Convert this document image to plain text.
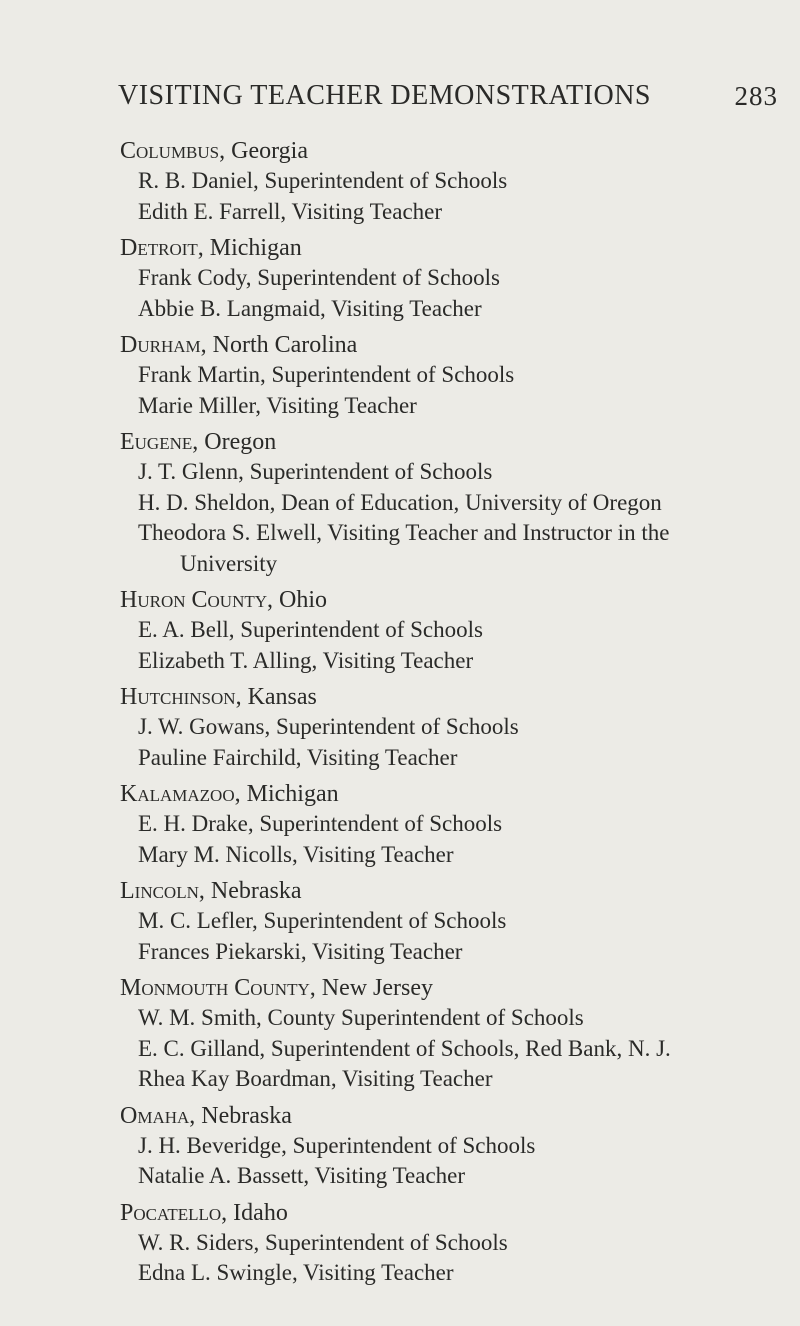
VISITING TEACHER DEMONSTRATIONS	283
Columbus, Georgia
R. B. Daniel, Superintendent of Schools
Edith E. Farrell, Visiting Teacher
Detroit, Michigan
Frank Cody, Superintendent of Schools
Abbie B. Langmaid, Visiting Teacher
Durham, North Carolina
Frank Martin, Superintendent of Schools
Marie Miller, Visiting Teacher
Eugene, Oregon
J. T. Glenn, Superintendent of Schools
H. D. Sheldon, Dean of Education, University of Oregon
Theodora S. Elwell, Visiting Teacher and Instructor in the
University
Huron County, Ohio
E. A. Bell, Superintendent of Schools
Elizabeth T. Alling, Visiting Teacher
Hutchinson, Kansas
J. W. Gowans, Superintendent of Schools
Pauline Fairchild, Visiting Teacher
Kalamazoo, Michigan
E. H. Drake, Superintendent of Schools
Mary M. Nicolls, Visiting Teacher
Lincoln, Nebraska
M. C. Lefler, Superintendent of Schools
Frances Piekarski, Visiting Teacher
Monmouth County, New Jersey
W. M. Smith, County Superintendent of Schools
E. C. Gilland, Superintendent of Schools, Red Bank, N. J.
Rhea Kay Boardman, Visiting Teacher
Omaha, Nebraska
J. H. Beveridge, Superintendent of Schools
Natalie A. Bassett, Visiting Teacher
Pocatello, Idaho
W. R. Siders, Superintendent of Schools
Edna L. Swingle, Visiting Teacher
